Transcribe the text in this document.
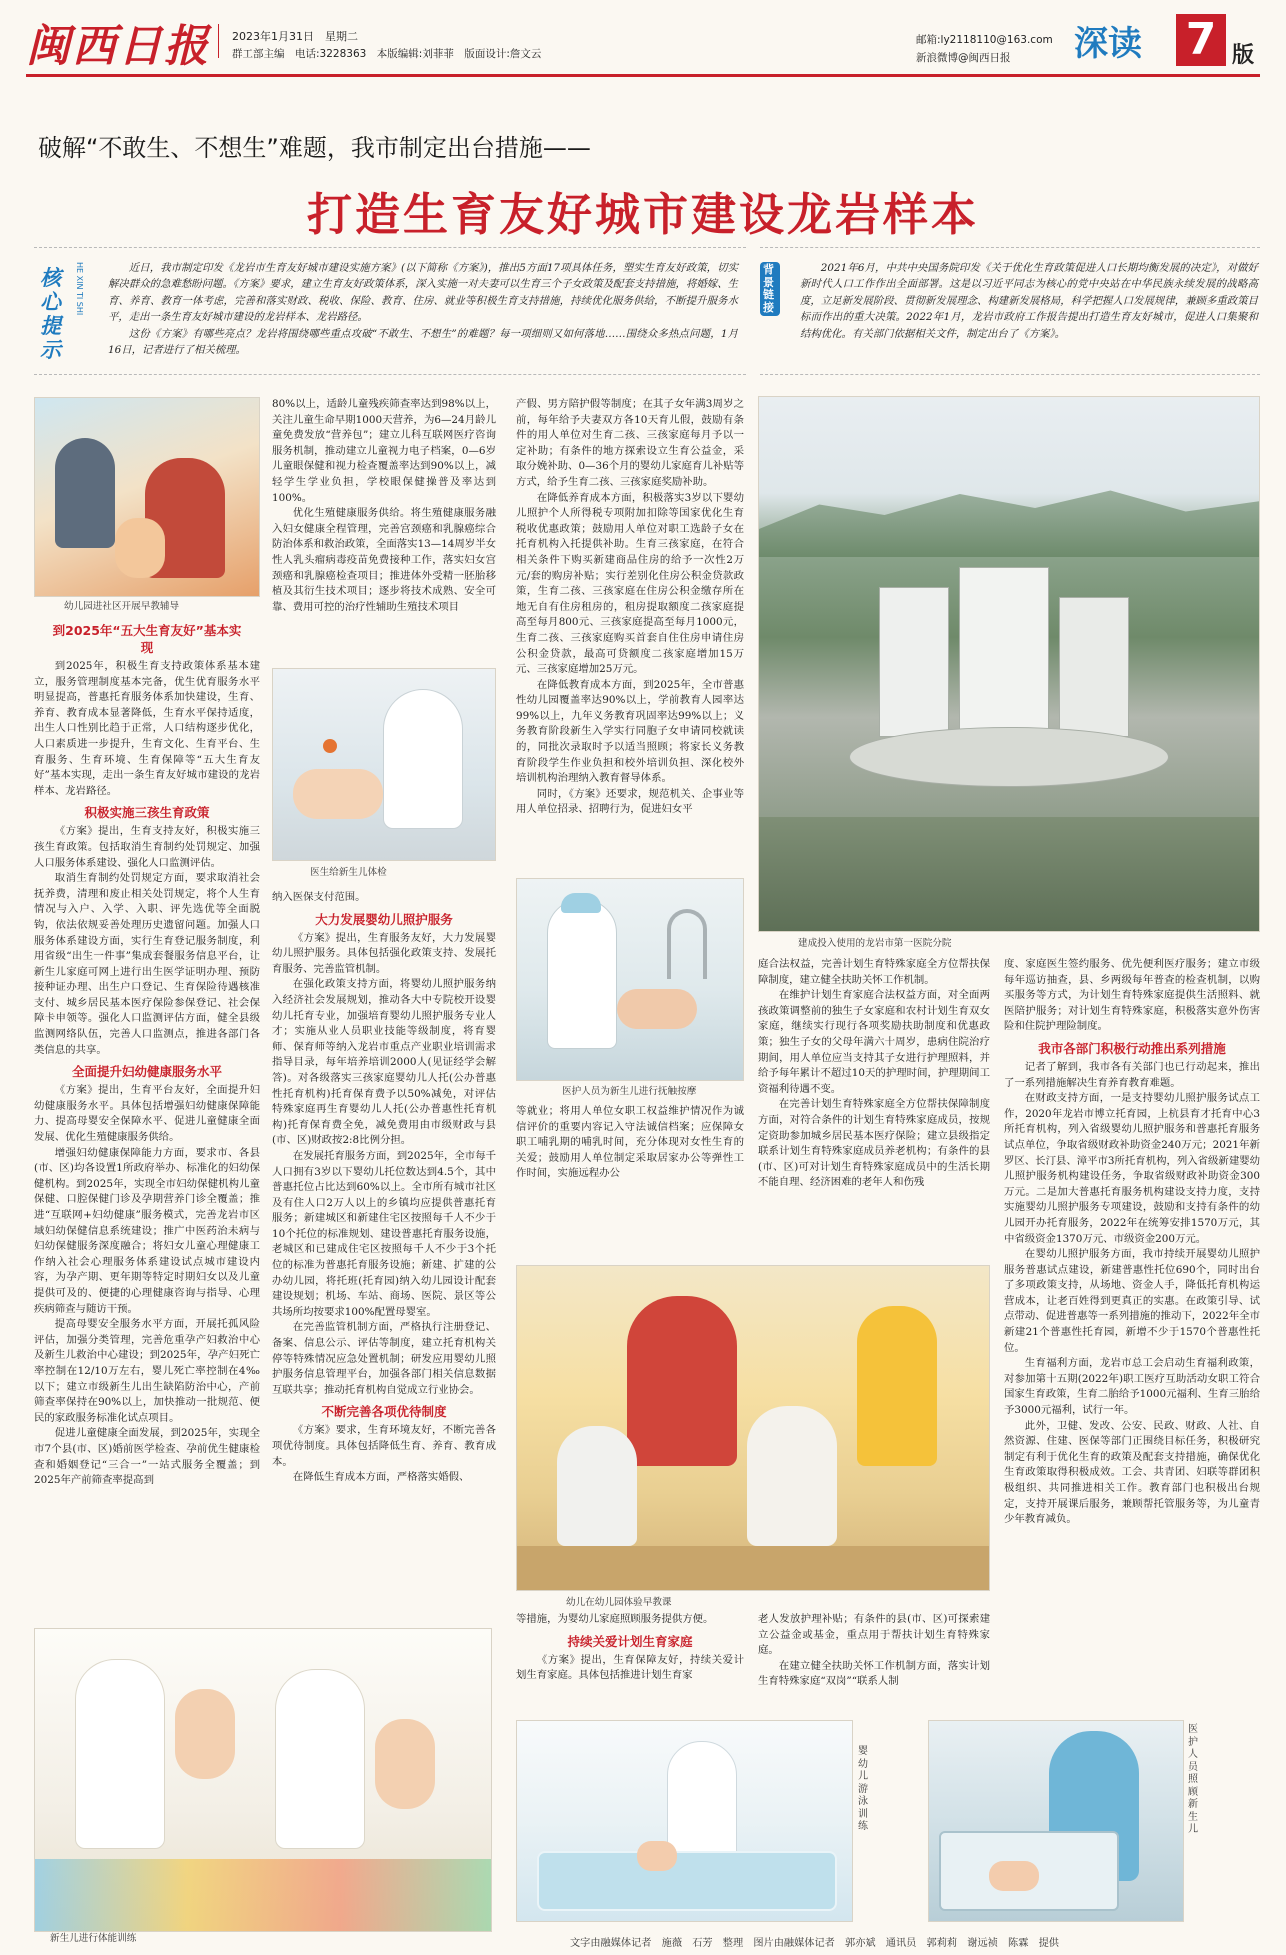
闽西日报 2023年1月31日　星期二
群工部主编　电话:3228363　本版编辑:刘菲菲　版面设计:詹文云
邮箱:ly2118110@163.com
新浪微博@闽西日报 深读 7 版
破解“不敢生、不想生”难题，我市制定出台措施——
打造生育友好城市建设龙岩样本
核心提示
HE XIN TI SHI	近日，我市制定印发《龙岩市生育友好城市建设实施方案》(以下简称《方案》)，推出5方面17项具体任务，塑实生育友好政策，切实解决群众的急难愁盼问题。《方案》要求，建立生育友好政策体系，深入实施一对夫妻可以生育三个子女政策及配套支持措施，将婚嫁、生育、养育、教育一体考虑，完善和落实财政、税收、保险、教育、住房、就业等积极生育支持措施，持续优化服务供给，不断提升服务水平，走出一条生育友好城市建设的龙岩样本、龙岩路径。

这份《方案》有哪些亮点？龙岩将围绕哪些重点攻破“不敢生、不想生”的难题？每一项细则又如何落地……围绕众多热点问题，1月16日，记者进行了相关梳理。

背景链接
2021年6月，中共中央国务院印发《关于优化生育政策促进人口长期均衡发展的决定》，对做好新时代人口工作作出全面部署。这是以习近平同志为核心的党中央站在中华民族永续发展的战略高度，立足新发展阶段、贯彻新发展理念、构建新发展格局，科学把握人口发展规律，兼顾多重政策目标而作出的重大决策。2022年1月，龙岩市政府工作报告提出打造生育友好城市，促进人口集聚和结构优化。有关部门依据相关文件，制定出台了《方案》。
幼儿园进社区开展早教辅导
医生给新生儿体检
建成投入使用的龙岩市第一医院分院
医护人员为新生儿进行抚触按摩
幼儿在幼儿园体验早教课
新生儿进行体能训练
婴幼儿游泳训练
医护人员照顾新生儿
到2025年“五大生育友好”基本实现

到2025年，积极生育支持政策体系基本建立，服务管理制度基本完备，优生优育服务水平明显提高，普惠托育服务体系加快建设，生育、养育、教育成本显著降低，生育水平保持适度，出生人口性别比趋于正常，人口结构逐步优化，人口素质进一步提升，生育文化、生育平台、生育服务、生育环境、生育保障等“五大生育友好”基本实现，走出一条生育友好城市建设的龙岩样本、龙岩路径。

积极实施三孩生育政策

《方案》提出，生育支持友好，积极实施三孩生育政策。包括取消生育制约处罚规定、加强人口服务体系建设、强化人口监测评估。

取消生育制约处罚规定方面，要求取消社会抚养费，清理和废止相关处罚规定，将个人生育情况与入户、入学、入职、评先选优等全面脱钩，依法依规妥善处理历史遗留问题。加强人口服务体系建设方面，实行生育登记服务制度，利用省级“出生一件事”集成套餐服务信息平台，让新生儿家庭可网上进行出生医学证明办理、预防接种证办理、出生户口登记、生育保险待遇核准支付、城乡居民基本医疗保险参保登记、社会保障卡申领等。强化人口监测评估方面，健全县级监测网络队伍，完善人口监测点，推进各部门各类信息的共享。

全面提升妇幼健康服务水平

《方案》提出，生育平台友好，全面提升妇幼健康服务水平。具体包括增强妇幼健康保障能力、提高母婴安全保障水平、促进儿童健康全面发展、优化生殖健康服务供给。

增强妇幼健康保障能力方面，要求市、各县(市、区)均各设置1所政府举办、标准化的妇幼保健机构。到2025年，实现全市妇幼保健机构儿童保健、口腔保健门诊及孕期营养门诊全覆盖；推进“互联网+妇幼健康”服务模式，完善龙岩市区域妇幼保健信息系统建设；推广中医药治未病与妇幼保健服务深度融合；将妇女儿童心理健康工作纳入社会心理服务体系建设试点城市建设内容，为孕产期、更年期等特定时期妇女以及儿童提供可及的、便捷的心理健康咨询与指导、心理疾病筛查与随访干预。

提高母婴安全服务水平方面，开展托孤风险评估，加强分类管理，完善危重孕产妇救治中心及新生儿救治中心建设；到2025年，孕产妇死亡率控制在12/10万左右，婴儿死亡率控制在4‰以下；建立市级新生儿出生缺陷防治中心，产前筛查率保持在90%以上，加快推动一批规范、便民的家政服务标准化试点项目。

促进儿童健康全面发展，到2025年，实现全市7个县(市、区)婚前医学检查、孕前优生健康检查和婚姻登记“三合一”一站式服务全覆盖；到2025年产前筛查率提高到

80%以上，适龄儿童残疾筛查率达到98%以上，关注儿童生命早期1000天营养，为6—24月龄儿童免费发放“营养包”；建立儿科互联网医疗咨询服务机制，推动建立儿童视力电子档案，0—6岁儿童眼保健和视力检查覆盖率达到90%以上，减轻学生学业负担，学校眼保健操普及率达到100%。

优化生殖健康服务供给。将生殖健康服务融入妇女健康全程管理，完善宫颈癌和乳腺癌综合防治体系和救治政策，全面落实13—14周岁半女性人乳头瘤病毒疫苗免费接种工作，落实妇女宫颈癌和乳腺癌检查项目；推进体外受精一胚胎移植及其衍生技术项目；逐步将技术成熟、安全可靠、费用可控的治疗性辅助生殖技术项目

纳入医保支付范围。

大力发展婴幼儿照护服务

《方案》提出，生育服务友好，大力发展婴幼儿照护服务。具体包括强化政策支持、发展托育服务、完善监管机制。

在强化政策支持方面，将婴幼儿照护服务纳入经济社会发展规划，推动各大中专院校开设婴幼儿托育专业，加强培育婴幼儿照护服务专业人才；实施从业人员职业技能等级制度，将育婴师、保育师等纳入龙岩市重点产业职业培训需求指导目录，每年培养培训2000人(见证经学会解答)。对各级落实三孩家庭婴幼儿人托(公办普惠性托育机构)托育保育费予以50%减免，对评估特殊家庭再生育婴幼儿人托(公办普惠性托育机构)托育保育费全免，减免费用由市级财政与县(市、区)财政按2:8比例分担。

在发展托育服务方面，到2025年，全市每千人口拥有3岁以下婴幼儿托位数达到4.5个，其中普惠托位占比达到60%以上。全市所有城市社区及有住人口2万人以上的乡镇均应提供普惠托育服务；新建城区和新建住宅区按照每千人不少于10个托位的标准规划、建设普惠托育服务设施，老城区和已建成住宅区按照每千人不少于3个托位的标准为普惠托育服务设施；新建、扩建的公办幼儿园，将托班(托育园)纳入幼儿园设计配套建设规划；机场、车站、商场、医院、景区等公共场所均按要求100%配置母婴室。

在完善监管机制方面，严格执行注册登记、备案、信息公示、评估等制度，建立托育机构关停等特殊情况应急处置机制；研发应用婴幼儿照护服务信息管理平台，加强各部门相关信息数据互联共享；推动托育机构自觉成立行业协会。

不断完善各项优待制度

《方案》要求，生育环境友好，不断完善各项优待制度。具体包括降低生育、养育、教育成本。

在降低生育成本方面，严格落实婚假、

产假、男方陪护假等制度；在其子女年满3周岁之前，每年给予夫妻双方各10天育儿假，鼓励有条件的用人单位对生育二孩、三孩家庭每月予以一定补助；有条件的地方探索设立生育公益金，采取分娩补助、0—36个月的婴幼儿家庭育儿补贴等方式，给予生育二孩、三孩家庭奖励补助。

在降低养育成本方面，积极落实3岁以下婴幼儿照护个人所得税专项附加扣除等国家优化生育税收优惠政策；鼓励用人单位对职工选龄子女在托育机构入托提供补助。生育三孩家庭，在符合相关条件下购买新建商品住房的给予一次性2万元/套的购房补贴；实行差别化住房公积金贷款政策，生育二孩、三孩家庭在住房公积金缴存所在地无自有住房租房的，租房提取额度二孩家庭提高至每月800元、三孩家庭提高至每月1000元，生育二孩、三孩家庭购买首套自住住房申请住房公积金贷款，最高可贷额度二孩家庭增加15万元、三孩家庭增加25万元。

在降低教育成本方面，到2025年，全市普惠性幼儿园覆盖率达90%以上，学前教育人园率达99%以上，九年义务教育巩固率达99%以上；义务教育阶段新生入学实行同胞子女申请同校就读的，同批次录取时予以适当照顾；将家长义务教育阶段学生作业负担和校外培训负担、深化校外培训机构治理纳入教育督导体系。

同时，《方案》还要求，规范机关、企事业等用人单位招录、招聘行为，促进妇女平

等就业；将用人单位女职工权益维护情况作为诚信评价的重要内容记入守法诚信档案；应保障女职工哺乳期的哺乳时间，充分体现对女性生育的关爱；鼓励用人单位制定采取居家办公等弹性工作时间，实施远程办公

庭合法权益，完善计划生育特殊家庭全方位帮扶保障制度，建立健全扶助关怀工作机制。

在维护计划生育家庭合法权益方面，对全面两孩政策调整前的独生子女家庭和农村计划生育双女家庭，继续实行现行各项奖励扶助制度和优惠政策；独生子女的父母年满六十周岁，患病住院治疗期间，用人单位应当支持其子女进行护理照料，并给予每年累计不超过10天的护理时间，护理期间工资福利待遇不变。

在完善计划生育特殊家庭全方位帮扶保障制度方面，对符合条件的计划生育特殊家庭成员，按规定资助参加城乡居民基本医疗保险；建立县级指定联系计划生育特殊家庭成员养老机构；有条件的县(市、区)可对计划生育特殊家庭成员中的生活长期不能自理、经济困难的老年人和伤残

度、家庭医生签约服务、优先便利医疗服务；建立市级每年巡访抽查，县、乡两级每年普查的检查机制，以购买服务等方式，为计划生育特殊家庭提供生活照料、就医陪护服务；对计划生育特殊家庭，积极落实意外伤害险和住院护理险制度。

我市各部门积极行动推出系列措施

记者了解到，我市各有关部门也已行动起来，推出了一系列措施解决生育养育教育难题。

在财政支持方面，一是支持婴幼儿照护服务试点工作，2020年龙岩市博立托育园，上杭县育才托育中心3所托育机构，列入省级婴幼儿照护服务和普惠托育服务试点单位，争取省级财政补助资金240万元；2021年新罗区、长汀县、漳平市3所托育机构，列入省级新建婴幼儿照护服务机构建设任务，争取省级财政补助资金300万元。二是加大普惠托育服务机构建设支持力度，支持实施婴幼儿照护服务专项建设，鼓励和支持有条件的幼儿园开办托育服务，2022年在统筹安排1570万元，其中省级资金1370万元、市级资金200万元。

在婴幼儿照护服务方面，我市持续开展婴幼儿照护服务普惠试点建设，新建普惠性托位690个，同时出台了多项政策支持，从场地、资金人手，降低托育机构运营成本，让老百姓得到更真正的实惠。在政策引导、试点带动、促进普惠等一系列措施的推动下，2022年全市新建21个普惠性托育园，新增不少于1570个普惠性托位。

生育福利方面，龙岩市总工会启动生育福利政策，对参加第十五期(2022年)职工医疗互助活动女职工符合国家生育政策，生育二胎给予1000元福利、生育三胎给予3000元福利，试行一年。

此外，卫健、发改、公安、民政、财政、人社、自然资源、住建、医保等部门正围绕目标任务，积极研究制定有利于优化生育的政策及配套支持措施，确保优化生育政策取得积极成效。工会、共青团、妇联等群团积极组织、共同推进相关工作。教育部门也积极出台规定，支持开展课后服务，兼顾帮托管服务等，为儿童青少年教育减负。

等措施，为婴幼儿家庭照顾服务提供方便。

持续关爱计划生育家庭

《方案》提出，生育保障友好，持续关爱计划生育家庭。具体包括推进计划生育家

老人发放护理补贴；有条件的县(市、区)可探索建立公益金或基金，重点用于帮扶计划生育特殊家庭。

在建立健全扶助关怀工作机制方面，落实计划生育特殊家庭“双岗”“联系人制

文字由融媒体记者　施薇　石芳　整理　图片由融媒体记者　郭亦斌　通讯员　郭莉莉　谢远祯　陈霖　提供
